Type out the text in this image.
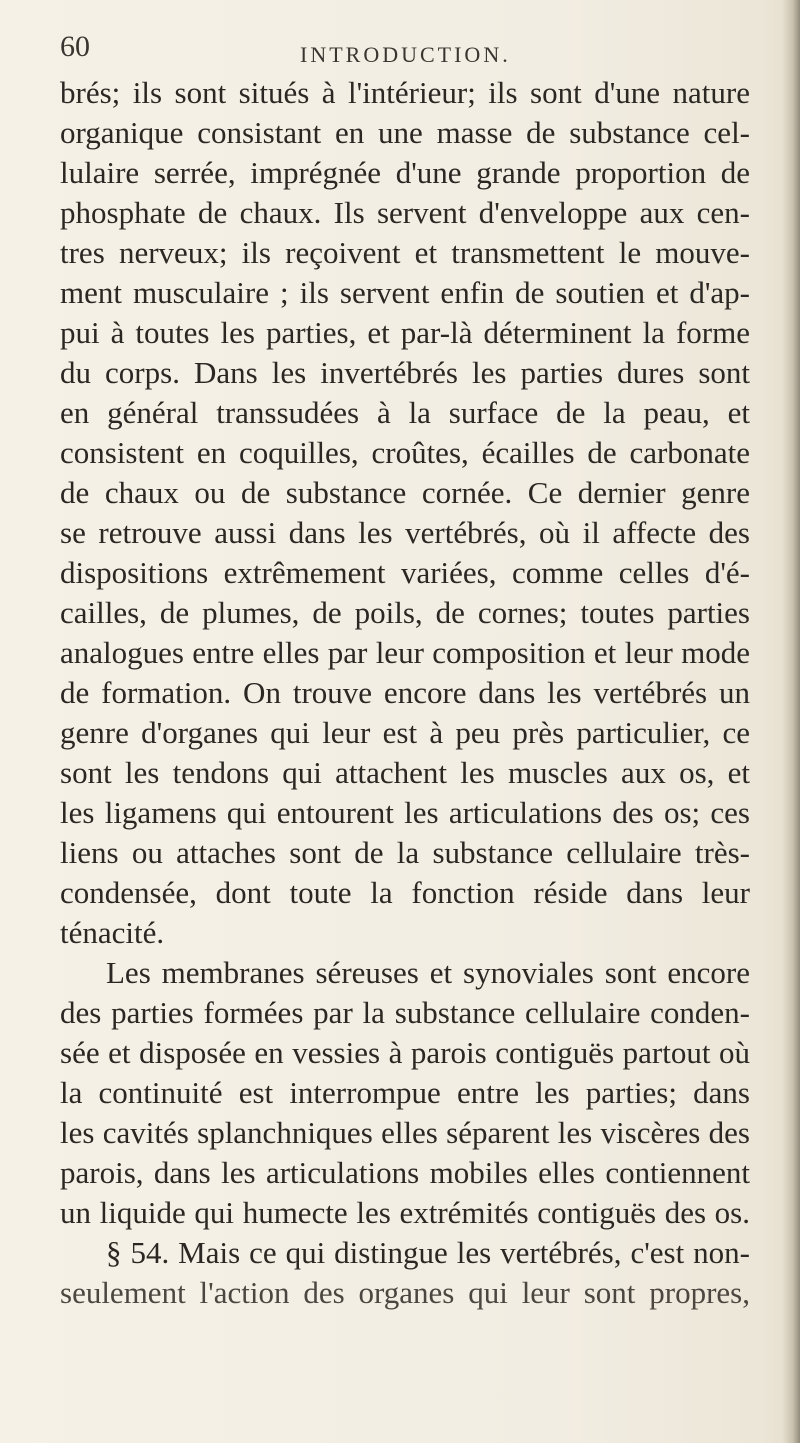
60	INTRODUCTION.
brés; ils sont situés à l'intérieur; ils sont d'une nature
organique consistant en une masse de substance cel-
lulaire serrée, imprégnée d'une grande proportion de
phosphate de chaux. Ils servent d'enveloppe aux cen-
tres nerveux; ils reçoivent et transmettent le mouve-
ment musculaire ; ils servent enfin de soutien et d'ap-
pui à toutes les parties, et par-là déterminent la forme
du corps. Dans les invertébrés les parties dures sont
en général transsudées à la surface de la peau, et
consistent en coquilles, croûtes, écailles de carbonate
de chaux ou de substance cornée. Ce dernier genre
se retrouve aussi dans les vertébrés, où il affecte des
dispositions extrêmement variées, comme celles d'é-
cailles, de plumes, de poils, de cornes; toutes parties
analogues entre elles par leur composition et leur mode
de formation. On trouve encore dans les vertébrés un
genre d'organes qui leur est à peu près particulier, ce
sont les tendons qui attachent les muscles aux os, et
les ligamens qui entourent les articulations des os; ces
liens ou attaches sont de la substance cellulaire très-
condensée, dont toute la fonction réside dans leur
ténacité.
Les membranes séreuses et synoviales sont encore
des parties formées par la substance cellulaire conden-
sée et disposée en vessies à parois contiguës partout où
la continuité est interrompue entre les parties; dans
les cavités splanchniques elles séparent les viscères des
parois, dans les articulations mobiles elles contiennent
un liquide qui humecte les extrémités contiguës des os.
§ 54. Mais ce qui distingue les vertébrés, c'est non-
seulement l'action des organes qui leur sont propres,
